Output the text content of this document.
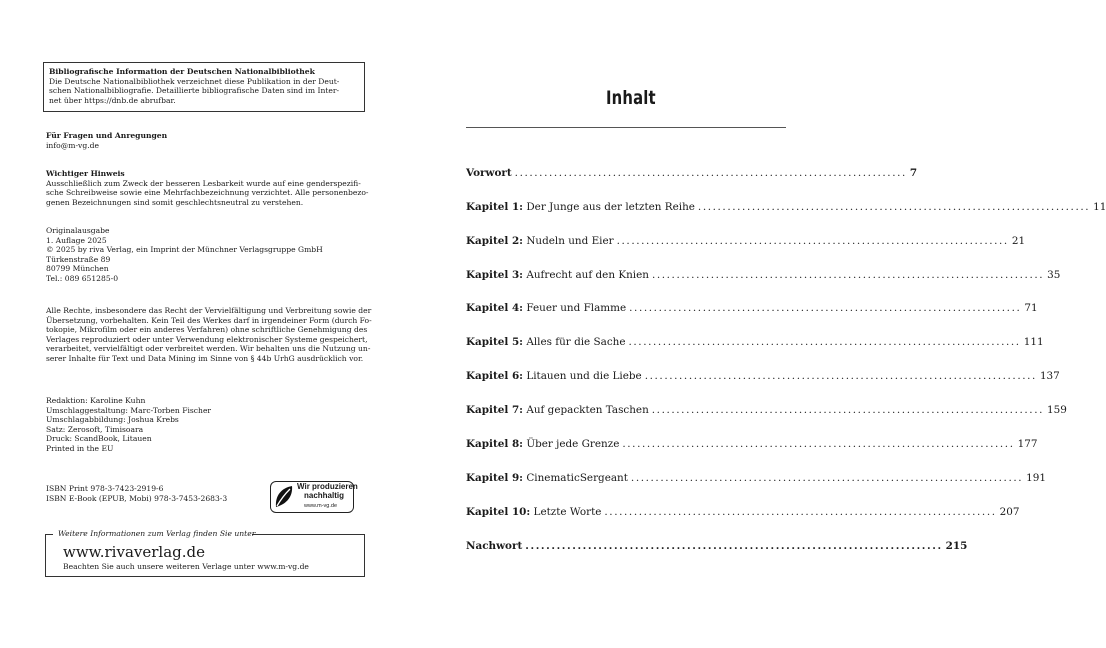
Bibliografische Information der Deutschen Nationalbibliothek
Die Deutsche Nationalbibliothek verzeichnet diese Publikation in der Deut-
schen Nationalbibliografie. Detaillierte bibliografische Daten sind im Inter-
net über https://dnb.de abrufbar.
Für Fragen und Anregungen
info@m-vg.de
Wichtiger Hinweis
Ausschließlich zum Zweck der besseren Lesbarkeit wurde auf eine genderspezifi-
sche Schreibweise sowie eine Mehrfachbezeichnung verzichtet. Alle personenbezo-
genen Bezeichnungen sind somit geschlechtsneutral zu verstehen.
Originalausgabe
1. Auflage 2025
© 2025 by riva Verlag, ein Imprint der Münchner Verlagsgruppe GmbH
Türkenstraße 89
80799 München
Tel.: 089 651285-0
Alle Rechte, insbesondere das Recht der Vervielfältigung und Verbreitung sowie der
Übersetzung, vorbehalten. Kein Teil des Werkes darf in irgendeiner Form (durch Fo-
tokopie, Mikrofilm oder ein anderes Verfahren) ohne schriftliche Genehmigung des
Verlages reproduziert oder unter Verwendung elektronischer Systeme gespeichert,
verarbeitet, vervielfältigt oder verbreitet werden. Wir behalten uns die Nutzung un-
serer Inhalte für Text und Data Mining im Sinne von § 44b UrhG ausdrücklich vor.
Redaktion: Karoline Kuhn
Umschlaggestaltung: Marc-Torben Fischer
Umschlagabbildung: Joshua Krebs
Satz: Zerosoft, Timisoara
Druck: ScandBook, Litauen
Printed in the EU
ISBN Print 978-3-7423-2919-6
ISBN E-Book (EPUB, Mobi) 978-3-7453-2683-3
Wir produzieren
nachhaltig
www.m-vg.de
Weitere Informationen zum Verlag finden Sie unter
www.rivaverlag.de
Beachten Sie auch unsere weiteren Verlage unter www.m-vg.de
Inhalt
Vorwort ................................................................................ 7
Kapitel 1: Der Junge aus der letzten Reihe ................................................................................ 11
Kapitel 2: Nudeln und Eier ................................................................................ 21
Kapitel 3: Aufrecht auf den Knien ................................................................................ 35
Kapitel 4: Feuer und Flamme ................................................................................ 71
Kapitel 5: Alles für die Sache ................................................................................ 111
Kapitel 6: Litauen und die Liebe ................................................................................ 137
Kapitel 7: Auf gepackten Taschen ................................................................................ 159
Kapitel 8: Über jede Grenze ................................................................................ 177
Kapitel 9: CinematicSergeant ................................................................................ 191
Kapitel 10: Letzte Worte ................................................................................ 207
Nachwort ................................................................................ 215
